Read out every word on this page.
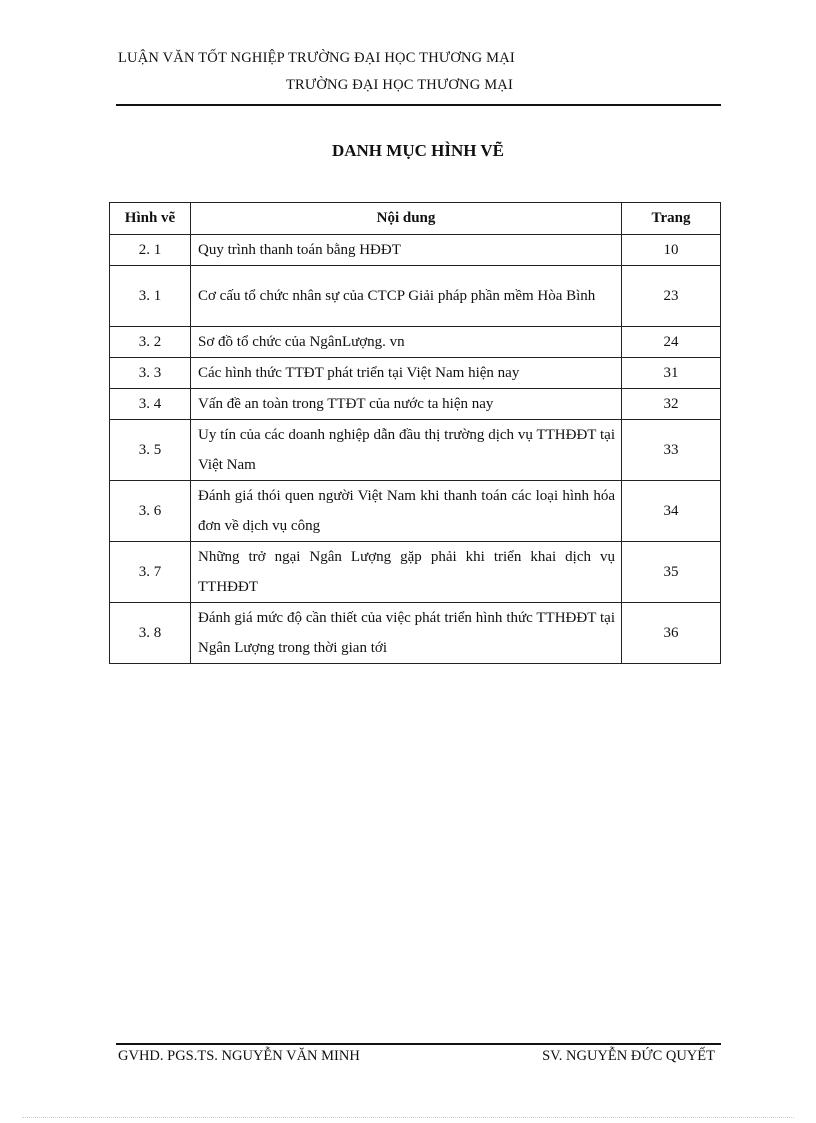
LUẬN VĂN TỐT NGHIỆP TRƯỜNG ĐẠI HỌC THƯƠNG MẠI
TRƯỜNG ĐẠI HỌC THƯƠNG MẠI
DANH MỤC HÌNH VẼ
Hình vẽ	Nội dung	Trang
2. 1	Quy trình thanh toán bằng HĐĐT	10
3. 1	Cơ cấu tổ chức nhân sự của CTCP Giải pháp phần mềm Hòa Bình	23
3. 2	Sơ đồ tổ chức của NgânLượng. vn	24
3. 3	Các hình thức TTĐT phát triển tại Việt Nam hiện nay	31
3. 4	Vấn đề an toàn trong TTĐT của nước ta hiện nay	32
3. 5	Uy tín của các doanh nghiệp dẫn đầu thị trường dịch vụ TTHĐĐT tại Việt Nam	33
3. 6	Đánh giá thói quen người Việt Nam khi thanh toán các loại hình hóa đơn về dịch vụ công	34
3. 7	Những trở ngại Ngân Lượng gặp phải khi triển khai dịch vụ TTHĐĐT	35
3. 8	Đánh giá mức độ cần thiết của việc phát triển hình thức TTHĐĐT tại Ngân Lượng trong thời gian tới	36
GVHD. PGS.TS. NGUYỄN VĂN MINH	SV. NGUYỄN ĐỨC QUYẾT
